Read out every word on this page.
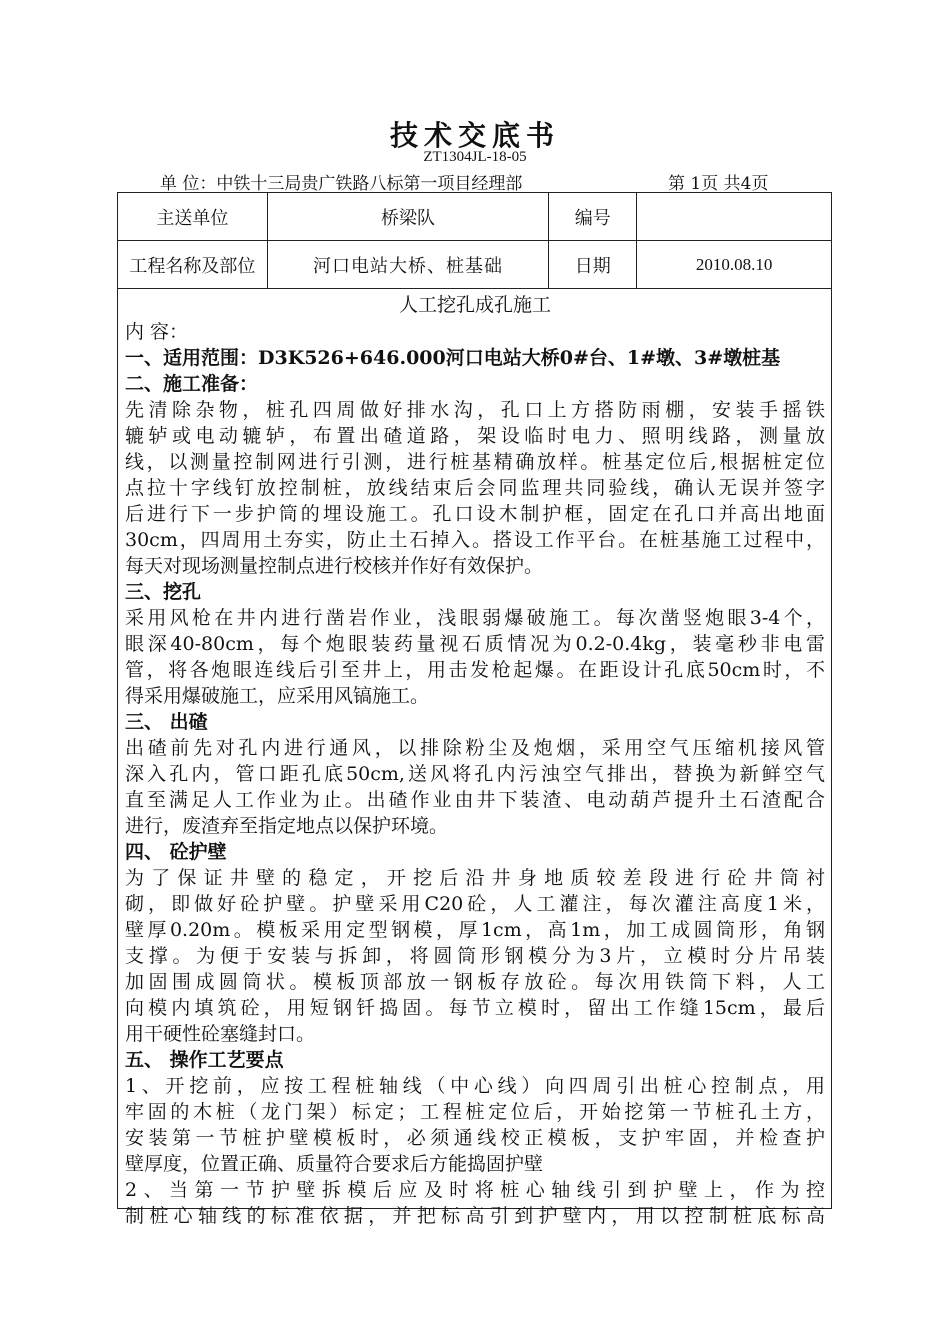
技术交底书
ZT1304JL-18-05
单 位：中铁十三局贵广铁路八标第一项目经理部	第 1页 共4页
主送单位	桥梁队	编号	
工程名称及部位	河口电站大桥、桩基础	日期	2010.08.10
人工挖孔成孔施工
内 容：
一、适用范围：D3K526+646.000河口电站大桥0#台、1#墩、3#墩桩基
二、施工准备：
先清除杂物，桩孔四周做好排水沟，孔口上方搭防雨棚，安装手摇铁
辘轳或电动辘轳，布置出碴道路，架设临时电力、照明线路，测量放
线，以测量控制网进行引测，进行桩基精确放样。桩基定位后,根据桩定位
点拉十字线钉放控制桩，放线结束后会同监理共同验线，确认无误并签字
后进行下一步护筒的埋设施工。孔口设木制护框，固定在孔口并高出地面
30cm，四周用土夯实，防止土石掉入。搭设工作平台。在桩基施工过程中，
每天对现场测量控制点进行校核并作好有效保护。
三、挖孔
采用风枪在井内进行凿岩作业，浅眼弱爆破施工。每次凿竖炮眼3-4个，
眼深40-80cm，每个炮眼装药量视石质情况为0.2-0.4kg，装毫秒非电雷
管，将各炮眼连线后引至井上，用击发枪起爆。在距设计孔底50cm时，不
得采用爆破施工，应采用风镐施工。
三、 出碴
出碴前先对孔内进行通风，以排除粉尘及炮烟，采用空气压缩机接风管
深入孔内，管口距孔底50cm,送风将孔内污浊空气排出，替换为新鲜空气
直至满足人工作业为止。出碴作业由井下装渣、电动葫芦提升土石渣配合
进行，废渣弃至指定地点以保护环境。
四、 砼护壁
为了保证井壁的稳定，开挖后沿井身地质较差段进行砼井筒衬
砌，即做好砼护壁。护壁采用C20砼，人工灌注，每次灌注高度1米，
壁厚0.20m。模板采用定型钢模，厚1cm，高1m，加工成圆筒形，角钢
支撑。为便于安装与拆卸，将圆筒形钢模分为3片，立模时分片吊装
加固围成圆筒状。模板顶部放一钢板存放砼。每次用铁筒下料，人工
向模内填筑砼，用短钢钎捣固。每节立模时，留出工作缝15cm，最后
用干硬性砼塞缝封口。
五、 操作工艺要点
1、开挖前，应按工程桩轴线（中心线）向四周引出桩心控制点，用
牢固的木桩（龙门架）标定；工程桩定位后，开始挖第一节桩孔土方，
安装第一节桩护壁模板时，必须通线校正模板，支护牢固，并检查护
壁厚度，位置正确、质量符合要求后方能捣固护壁
2、当第一节护壁拆模后应及时将桩心轴线引到护壁上，作为控
制桩心轴线的标准依据，并把标高引到护壁内，用以控制桩底标高
